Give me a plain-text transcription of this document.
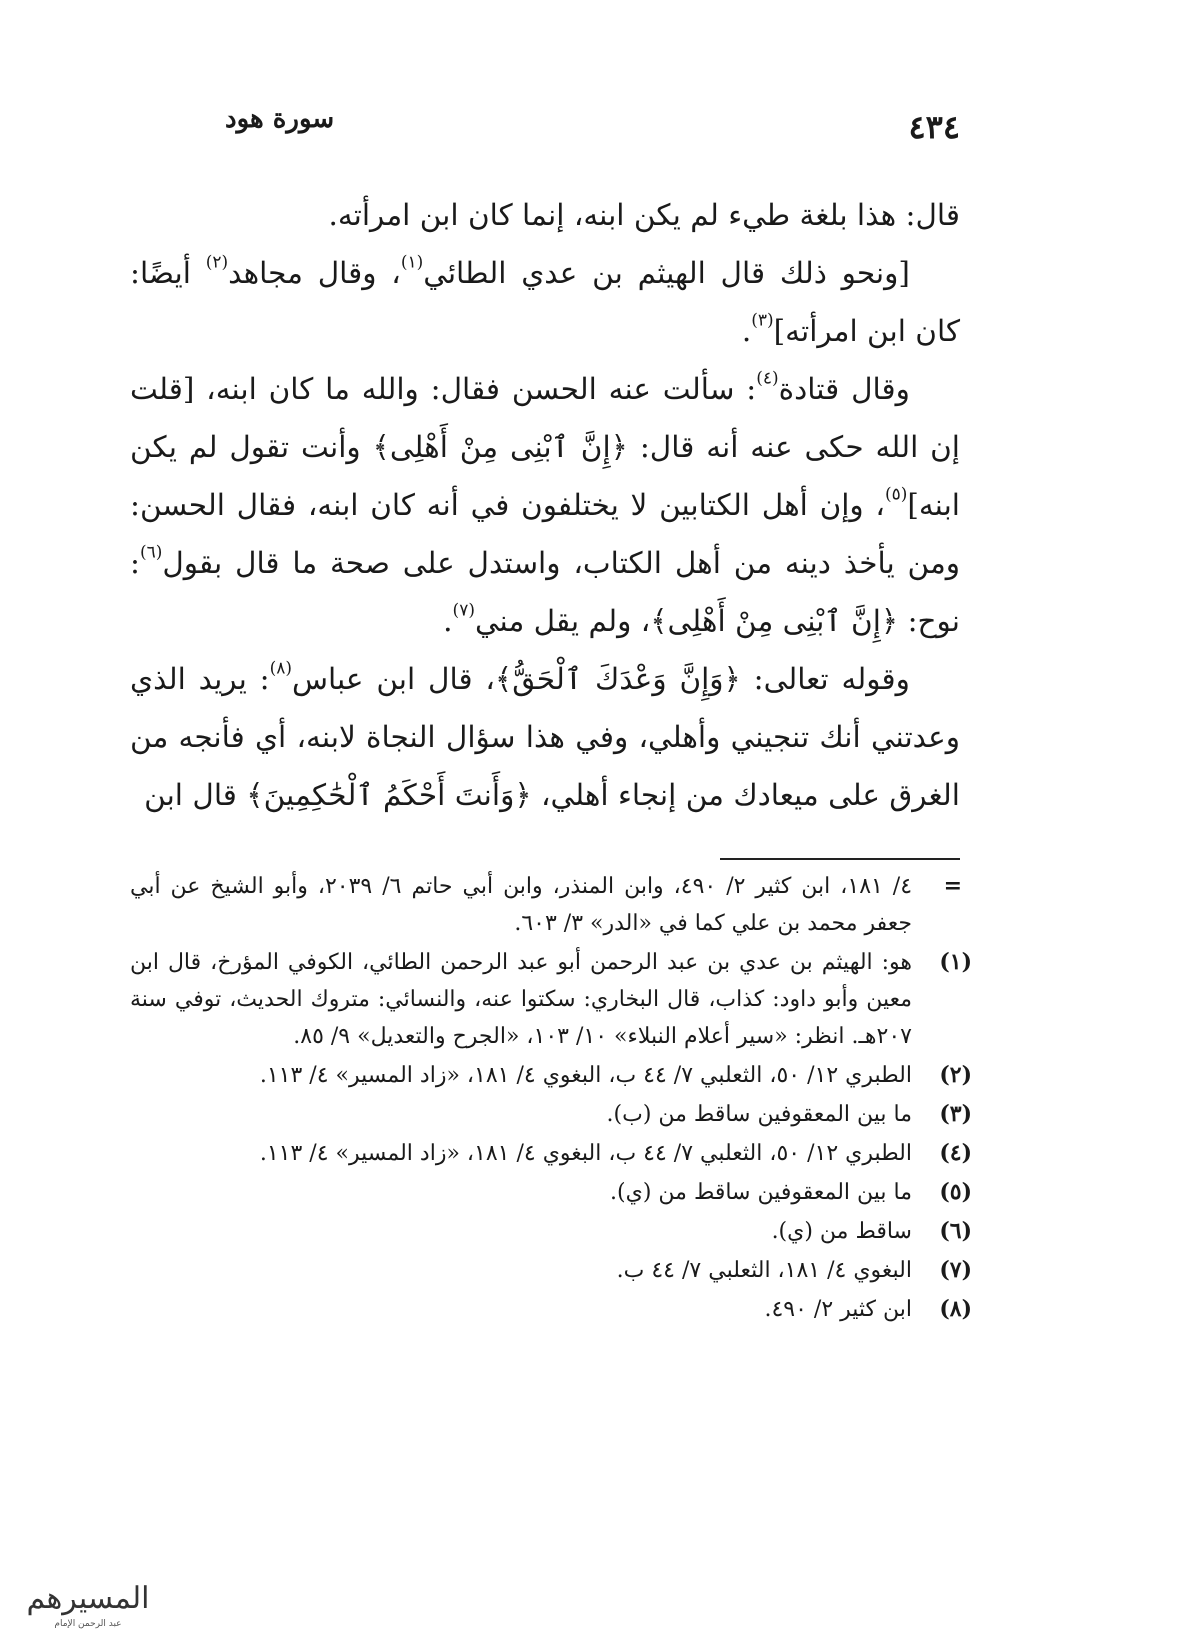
٤٣٤
سورة هود

قال: هذا بلغة طيء لم يكن ابنه، إنما كان ابن امرأته.

[ونحو ذلك قال الهيثم بن عدي الطائي$^{(١)}$، وقال مجاهد$^{(٢)}$ أيضًا: كان ابن امرأته]$^{(٣)}$.

وقال قتادة$^{(٤)}$: سألت عنه الحسن فقال: والله ما كان ابنه، [قلت إن الله حكى عنه أنه قال: ﴿إِنَّ ٱبْنِى مِنْ أَهْلِى﴾ وأنت تقول لم يكن ابنه]$^{(٥)}$، وإن أهل الكتابين لا يختلفون في أنه كان ابنه، فقال الحسن: ومن يأخذ دينه من أهل الكتاب، واستدل على صحة ما قال بقول$^{(٦)}$: نوح: ﴿إِنَّ ٱبْنِى مِنْ أَهْلِى﴾، ولم يقل مني$^{(٧)}$.

وقوله تعالى: ﴿وَإِنَّ وَعْدَكَ ٱلْحَقُّ﴾، قال ابن عباس$^{(٨)}$: يريد الذي وعدتني أنك تنجيني وأهلي، وفي هذا سؤال النجاة لابنه، أي فأنجه من الغرق على ميعادك من إنجاء أهلي، ﴿وَأَنتَ أَحْكَمُ ٱلْحَٰكِمِينَ﴾ قال ابن

=
٤/ ١٨١، ابن كثير ٢/ ٤٩٠، وابن المنذر، وابن أبي حاتم ٦/ ٢٠٣٩، وأبو الشيخ عن أبي جعفر محمد بن علي كما في «الدر» ٣/ ٦٠٣.

(١)
هو: الهيثم بن عدي بن عبد الرحمن أبو عبد الرحمن الطائي، الكوفي المؤرخ، قال ابن معين وأبو داود: كذاب، قال البخاري: سكتوا عنه، والنسائي: متروك الحديث، توفي سنة ٢٠٧هـ. انظر: «سير أعلام النبلاء» ١٠/ ١٠٣، «الجرح والتعديل» ٩/ ٨٥.

(٢)
الطبري ١٢/ ٥٠، الثعلبي ٧/ ٤٤ ب، البغوي ٤/ ١٨١، «زاد المسير» ٤/ ١١٣.

(٣)
ما بين المعقوفين ساقط من (ب).

(٤)
الطبري ١٢/ ٥٠، الثعلبي ٧/ ٤٤ ب، البغوي ٤/ ١٨١، «زاد المسير» ٤/ ١١٣.

(٥)
ما بين المعقوفين ساقط من (ي).

(٦)
ساقط من (ي).

(٧)
البغوي ٤/ ١٨١، الثعلبي ٧/ ٤٤ ب.

(٨)
ابن كثير ٢/ ٤٩٠.

المسيرهم
عبد الرحمن الإمام
